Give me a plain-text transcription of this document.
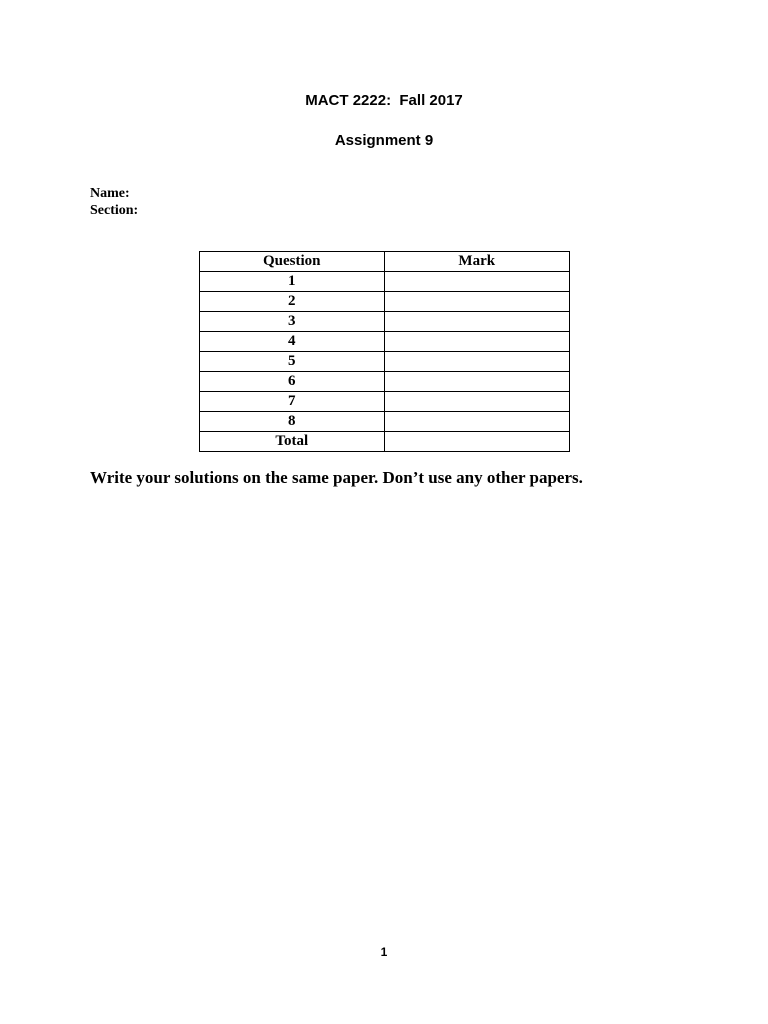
MACT 2222:  Fall 2017
Assignment 9
Name:
Section:
Question	Mark
1	
2	
3	
4	
5	
6	
7	
8	
Total	
Write your solutions on the same paper. Don’t use any other papers.
1
